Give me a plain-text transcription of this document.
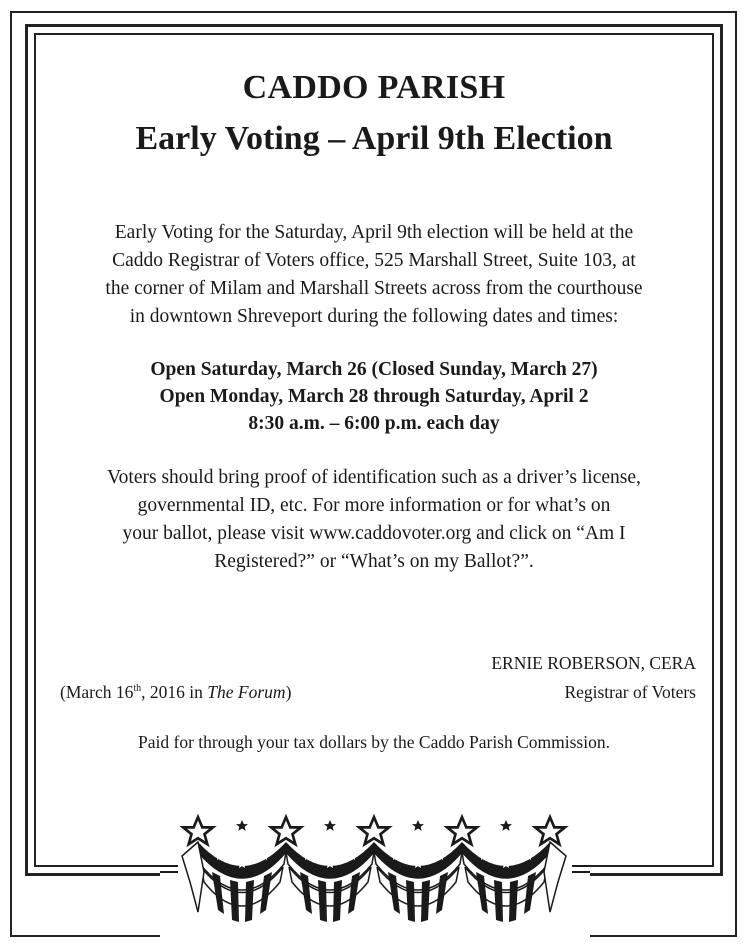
CADDO PARISH
Early Voting – April 9th Election

Early Voting for the Saturday, April 9th election will be held at the
Caddo Registrar of Voters office, 525 Marshall Street, Suite 103, at
the corner of Milam and Marshall Streets across from the courthouse
in downtown Shreveport during the following dates and times:

Open Saturday, March 26 (Closed Sunday, March 27)
Open Monday, March 28 through Saturday, April 2
8:30 a.m. – 6:00 p.m. each day

Voters should bring proof of identification such as a driver’s license,
governmental ID, etc. For more information or for what’s on
your ballot, please visit www.caddovoter.org and click on “Am I
Registered?” or “What’s on my Ballot?”.

ERNIE ROBERSON, CERA

Registrar of Voters

(March 16th, 2016 in The Forum)

Paid for through your tax dollars by the Caddo Parish Commission.
